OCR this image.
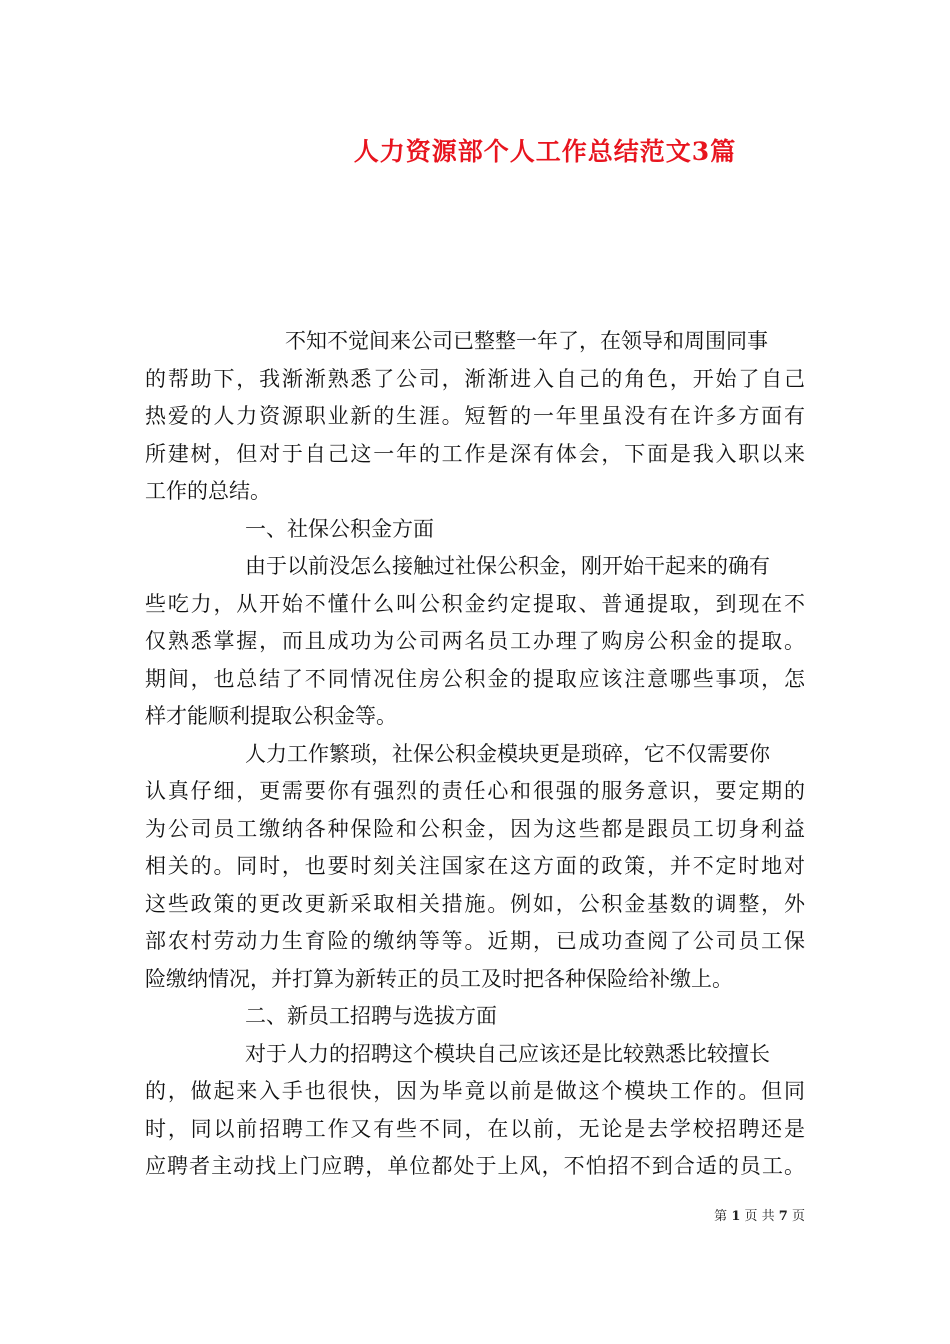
人力资源部个人工作总结范文3篇
不知不觉间来公司已整整一年了，在领导和周围同事
的帮助下，我渐渐熟悉了公司，渐渐进入自己的角色，开始了自己
热爱的人力资源职业新的生涯。短暂的一年里虽没有在许多方面有
所建树，但对于自己这一年的工作是深有体会，下面是我入职以来
工作的总结。
一、社保公积金方面
由于以前没怎么接触过社保公积金，刚开始干起来的确有
些吃力，从开始不懂什么叫公积金约定提取、普通提取，到现在不
仅熟悉掌握，而且成功为公司两名员工办理了购房公积金的提取。
期间，也总结了不同情况住房公积金的提取应该注意哪些事项，怎
样才能顺利提取公积金等。
人力工作繁琐，社保公积金模块更是琐碎，它不仅需要你
认真仔细，更需要你有强烈的责任心和很强的服务意识，要定期的
为公司员工缴纳各种保险和公积金，因为这些都是跟员工切身利益
相关的。同时，也要时刻关注国家在这方面的政策，并不定时地对
这些政策的更改更新采取相关措施。例如，公积金基数的调整，外
部农村劳动力生育险的缴纳等等。近期，已成功查阅了公司员工保
险缴纳情况，并打算为新转正的员工及时把各种保险给补缴上。
二、新员工招聘与选拔方面
对于人力的招聘这个模块自己应该还是比较熟悉比较擅长
的，做起来入手也很快，因为毕竟以前是做这个模块工作的。但同
时，同以前招聘工作又有些不同，在以前，无论是去学校招聘还是
应聘者主动找上门应聘，单位都处于上风，不怕招不到合适的员工。
第 1 页 共 7 页
